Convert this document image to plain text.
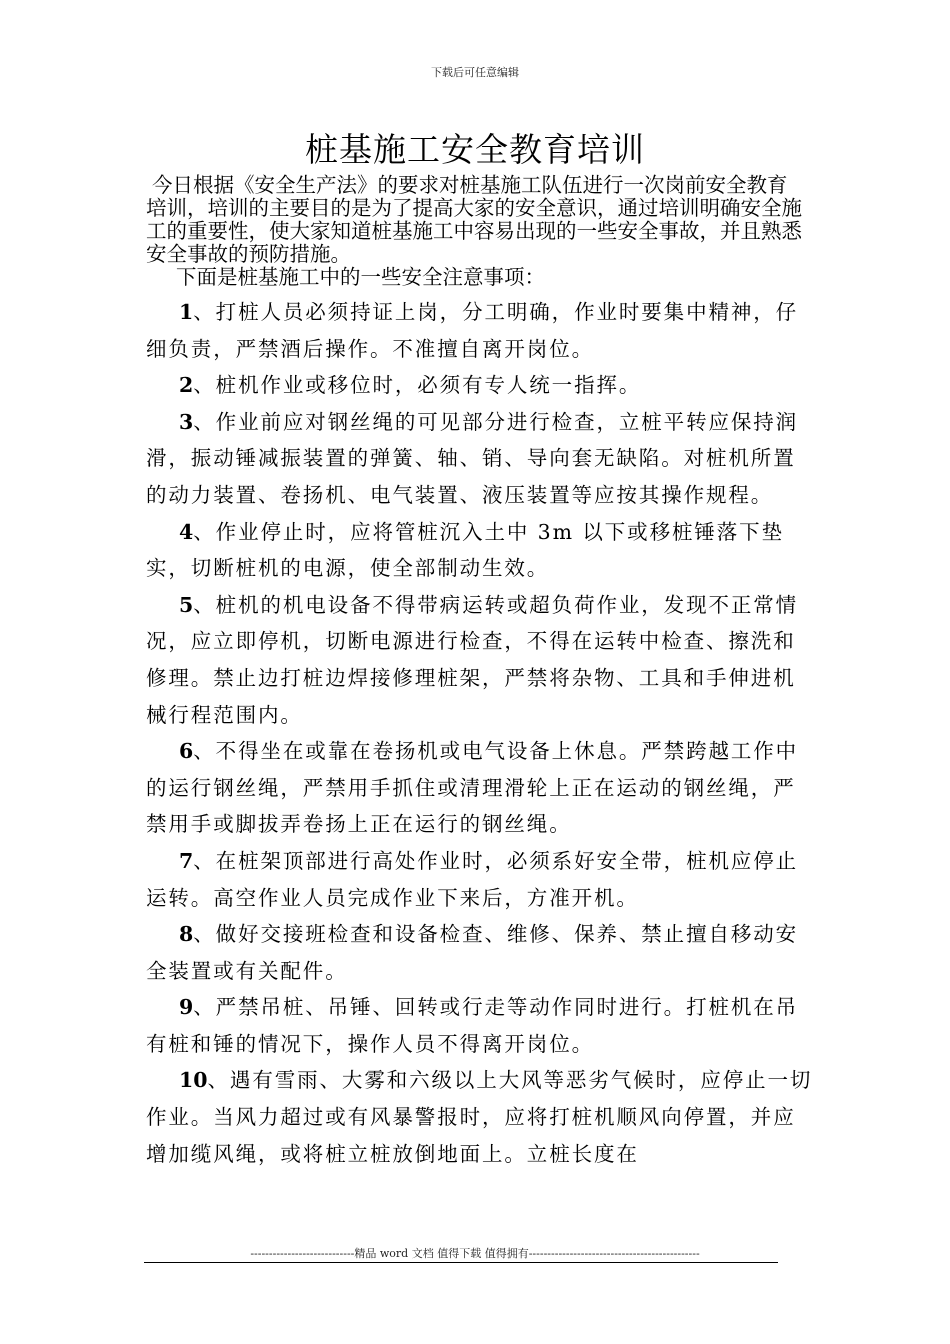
下载后可任意编辑
桩基施工安全教育培训

今日根据《安全生产法》的要求对桩基施工队伍进行一次岗前安全教育培训，培训的主要目的是为了提高大家的安全意识，通过培训明确安全施工的重要性，使大家知道桩基施工中容易出现的一些安全事故，并且熟悉安全事故的预防措施。

下面是桩基施工中的一些安全注意事项：

1、打桩人员必须持证上岗，分工明确，作业时要集中精神，仔细负责，严禁酒后操作。不准擅自离开岗位。

2、桩机作业或移位时，必须有专人统一指挥。

3、作业前应对钢丝绳的可见部分进行检查，立桩平转应保持润滑，振动锤减振装置的弹簧、轴、销、导向套无缺陷。对桩机所置的动力装置、卷扬机、电气装置、液压装置等应按其操作规程。

4、作业停止时，应将管桩沉入土中 3m 以下或移桩锤落下垫实，切断桩机的电源，使全部制动生效。

5、桩机的机电设备不得带病运转或超负荷作业，发现不正常情况，应立即停机，切断电源进行检查，不得在运转中检查、擦洗和修理。禁止边打桩边焊接修理桩架，严禁将杂物、工具和手伸进机械行程范围内。

6、不得坐在或靠在卷扬机或电气设备上休息。严禁跨越工作中的运行钢丝绳，严禁用手抓住或清理滑轮上正在运动的钢丝绳，严禁用手或脚拔弄卷扬上正在运行的钢丝绳。

7、在桩架顶部进行高处作业时，必须系好安全带，桩机应停止运转。高空作业人员完成作业下来后，方准开机。

8、做好交接班检查和设备检查、维修、保养、禁止擅自移动安全装置或有关配件。

9、严禁吊桩、吊锤、回转或行走等动作同时进行。打桩机在吊有桩和锤的情况下，操作人员不得离开岗位。

10、遇有雪雨、大雾和六级以上大风等恶劣气候时，应停止一切作业。当风力超过或有风暴警报时，应将打桩机顺风向停置，并应增加缆风绳，或将桩立桩放倒地面上。立桩长度在

----------------------------精品 word 文档 值得下载 值得拥有----------------------------------------------
